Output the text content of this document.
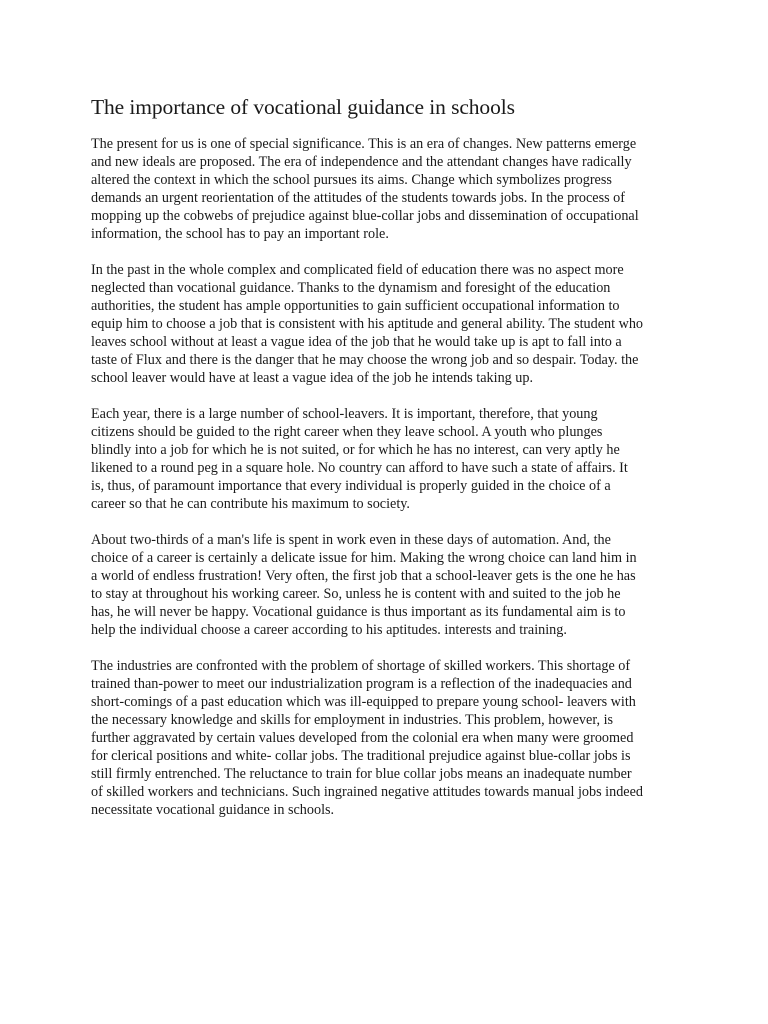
The importance of vocational guidance in schools
The present for us is one of special significance. This is an era of changes. New patterns emerge
and new ideals are proposed. The era of independence and the attendant changes have radically
altered the context in which the school pursues its aims. Change which symbolizes progress
demands an urgent reorientation of the attitudes of the students towards jobs. In the process of
mopping up the cobwebs of prejudice against blue-collar jobs and dissemination of occupational
information, the school has to pay an important role.
In the past in the whole complex and complicated field of education there was no aspect more
neglected than vocational guidance. Thanks to the dynamism and foresight of the education
authorities, the student has ample opportunities to gain sufficient occupational information to
equip him to choose a job that is consistent with his aptitude and general ability. The student who
leaves school without at least a vague idea of the job that he would take up is apt to fall into a
taste of Flux and there is the danger that he may choose the wrong job and so despair. Today. the
school leaver would have at least a vague idea of the job he intends taking up.
Each year, there is a large number of school-leavers. It is important, therefore, that young
citizens should be guided to the right career when they leave school. A youth who plunges
blindly into a job for which he is not suited, or for which he has no interest, can very aptly he
likened to a round peg in a square hole. No country can afford to have such a state of affairs. It
is, thus, of paramount importance that every individual is properly guided in the choice of a
career so that he can contribute his maximum to society.
About two-thirds of a man's life is spent in work even in these days of automation. And, the
choice of a career is certainly a delicate issue for him. Making the wrong choice can land him in
a world of endless frustration! Very often, the first job that a school-leaver gets is the one he has
to stay at throughout his working career. So, unless he is content with and suited to the job he
has, he will never be happy. Vocational guidance is thus important as its fundamental aim is to
help the individual choose a career according to his aptitudes. interests and training.
The industries are confronted with the problem of shortage of skilled workers. This shortage of
trained than-power to meet our industrialization program is a reflection of the inadequacies and
short-comings of a past education which was ill-equipped to prepare young school- leavers with
the necessary knowledge and skills for employment in industries. This problem, however, is
further aggravated by certain values developed from the colonial era when many were groomed
for clerical positions and white- collar jobs. The traditional prejudice against blue-collar jobs is
still firmly entrenched. The reluctance to train for blue collar jobs means an inadequate number
of skilled workers and technicians. Such ingrained negative attitudes towards manual jobs indeed
necessitate vocational guidance in schools.
